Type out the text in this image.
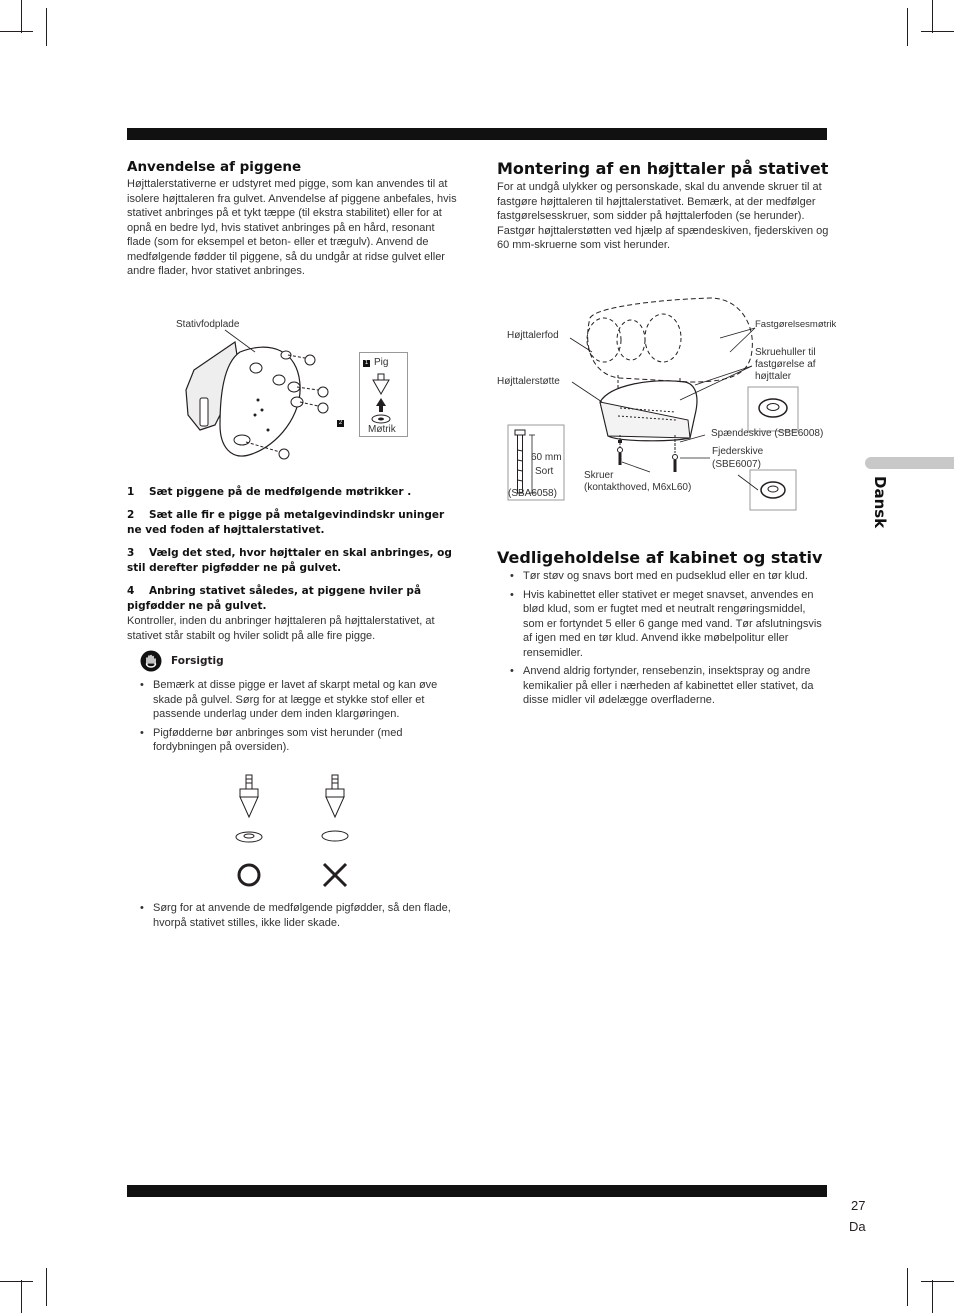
Dansk
Anvendelse af piggene

Højttalerstativerne er udstyret med pigge, som kan anvendes til at isolere højttaleren fra gulvet. Anvendelse af piggene anbefales, hvis stativet anbringes på et tykt tæppe (til ekstra stabilitet) eller for at opnå en bedre lyd, hvis stativet anbringes på en hård, resonant flade (som for eksempel et beton- eller et trægulv). Anvend de medfølgende fødder til piggene, så du undgår at ridse gulvet eller andre flader, hvor stativet anbringes.

Stativfodplade
1
2
Pig
Møtrik

1 Sæt piggene på de medfølgende møtrikker .

2 Sæt alle fir e pigge på metalgevindindskr uninger ne ved foden af højttalerstativet.

3 Vælg det sted, hvor højttaler en skal anbringes, og stil derefter pigfødder ne på gulvet.

4 Anbring stativet således, at piggene hviler på pigfødder ne på gulvet.

Kontroller, inden du anbringer højttaleren på højttalerstativet, at stativet står stabilt og hviler solidt på alle fire pigge.

Forsigtig
• Bemærk at disse pigge er lavet af skarpt metal og kan øve skade på gulvel. Sørg for at lægge et stykke stof eller et passende underlag under dem inden klargøringen.
• Pigfødderne bør anbringes som vist herunder (med fordybningen på oversiden).
• Sørg for at anvende de medfølgende pigfødder, så den flade, hvorpå stativet stilles, ikke lider skade.
Montering af en højttaler på stativet

For at undgå ulykker og personskade, skal du anvende skruer til at fastgøre højttaleren til højttalerstativet. Bemærk, at der medfølger fastgørelsesskruer, som sidder på højttalerfoden (se herunder). Fastgør højttalerstøtten ved hjælp af spændeskiven, fjederskiven og 60 mm-skruerne som vist herunder.

Højttalerfod
Højttalerstøtte
Fastgørelsesmøtrik
Skruehuller til
fastgørelse af
højttaler
Spændeskive (SBE6008)
Fjederskive
(SBE6007)
60 mm
Sort
(SBA6058)
Skruer
(kontakthoved, M6xL60)
Vedligeholdelse af kabinet og stativ
• Tør støv og snavs bort med en pudseklud eller en tør klud.
• Hvis kabinettet eller stativet er meget snavset, anvendes en blød klud, som er fugtet med et neutralt rengøringsmiddel, som er fortyndet 5 eller 6 gange med vand. Tør afslutningsvis af igen med en tør klud. Anvend ikke møbelpolitur eller rensemidler.
• Anvend aldrig fortynder, rensebenzin, insektspray og andre kemikalier på eller i nærheden af kabinettet eller stativet, da disse midler vil ødelægge overfladerne.
27
Da
